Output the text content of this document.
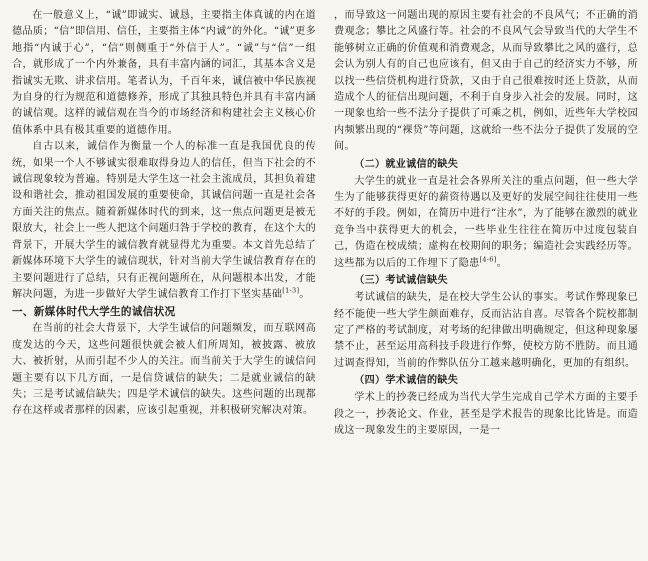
在一般意义上，“诚”即诚实、诚恳，主要指主体真诚的内在道德品质；“信”即信用、信任，主要指主体“内诚”的外化。“诚”更多地指“内诚于心”，“信”则侧重于“外信于人”。“诚”与“信”一组合，就形成了一个内外兼备，具有丰富内涵的词汇，其基本含义是指诚实无欺、讲求信用。笔者认为，千百年来，诚信被中华民族视为自身的行为规范和道德修养，形成了其独具特色并具有丰富内涵的诚信观。这样的诚信观在当今的市场经济和构建社会主义核心价值体系中具有极其重要的道德作用。

自古以来，诚信作为衡量一个人的标准一直是我国优良的传统，如果一个人不够诚实很难取得身边人的信任，但当下社会的不诚信现象较为普遍。特别是大学生这一社会主流成员，其担负着建设和谐社会，推动祖国发展的重要使命，其诚信问题一直是社会各方面关注的焦点。随着新媒体时代的到来，这一焦点问题更是被无限放大，社会上一些人把这个问题归咎于学校的教育，在这个大的背景下，开展大学生的诚信教育就显得尤为重要。本文首先总结了新媒体环境下大学生的诚信现状，针对当前大学生诚信教育存在的主要问题进行了总结，只有正视问题所在，从问题根本出发，才能解决问题，为进一步做好大学生诚信教育工作打下坚实基础[1-3]。

一、新媒体时代大学生的诚信状况

在当前的社会大背景下，大学生诚信的问题频发，而互联网高度发达的今天，这些问题很快就会被人们所周知，被披露、被放大、被折射，从而引起不少人的关注。而当前关于大学生的诚信问题主要有以下几方面，一是信贷诚信的缺失；二是就业诚信的缺失；三是考试诚信缺失；四是学术诚信的缺失。这些问题的出现都存在这样或者那样的因素，应该引起重视，并积极研究解决对策。

，而导致这一问题出现的原因主要有社会的不良风气；不正确的消费观念；攀比之风盛行等。社会的不良风气会导致当代的大学生不能够树立正确的价值观和消费观念，从而导致攀比之风的盛行，总会认为别人有的自己也应该有，但又由于自己的经济实力不够，所以找一些信贷机构进行贷款，又由于自己很难按时还上贷款，从而造成个人的征信出现问题，不利于自身步入社会的发展。同时，这一现象也给一些不法分子提供了可乘之机，例如，近些年大学校园内频繁出现的“裸贷”等问题，这就给一些不法分子提供了发展的空间。

（二）就业诚信的缺失

大学生的就业一直是社会各界所关注的重点问题，但一些大学生为了能够获得更好的薪资待遇以及更好的发展空间往往使用一些不好的手段。例如，在简历中进行“注水”，为了能够在激烈的就业竞争当中获得更大的机会，一些毕业生往往在简历中过度包装自己，伪造在校成绩；虚构在校期间的职务；编造社会实践经历等。这些都为以后的工作埋下了隐患[4-6]。

（三）考试诚信缺失

考试诚信的缺失，是在校大学生公认的事实。考试作弊现象已经不能使一些大学生颜面难存，反而沾沾自喜。尽管各个院校都制定了严格的考试制度，对考场的纪律做出明确规定，但这种现象屡禁不止，甚至运用高科技手段进行作弊，使校方防不胜防。而且通过调查得知，当前的作弊队伍分工越来越明确化，更加的有组织。

（四）学术诚信的缺失

学术上的抄袭已经成为当代大学生完成自己学术方面的主要手段之一，抄袭论文、作业，甚至是学术报告的现象比比皆是。而造成这一现象发生的主要原因，一是一
